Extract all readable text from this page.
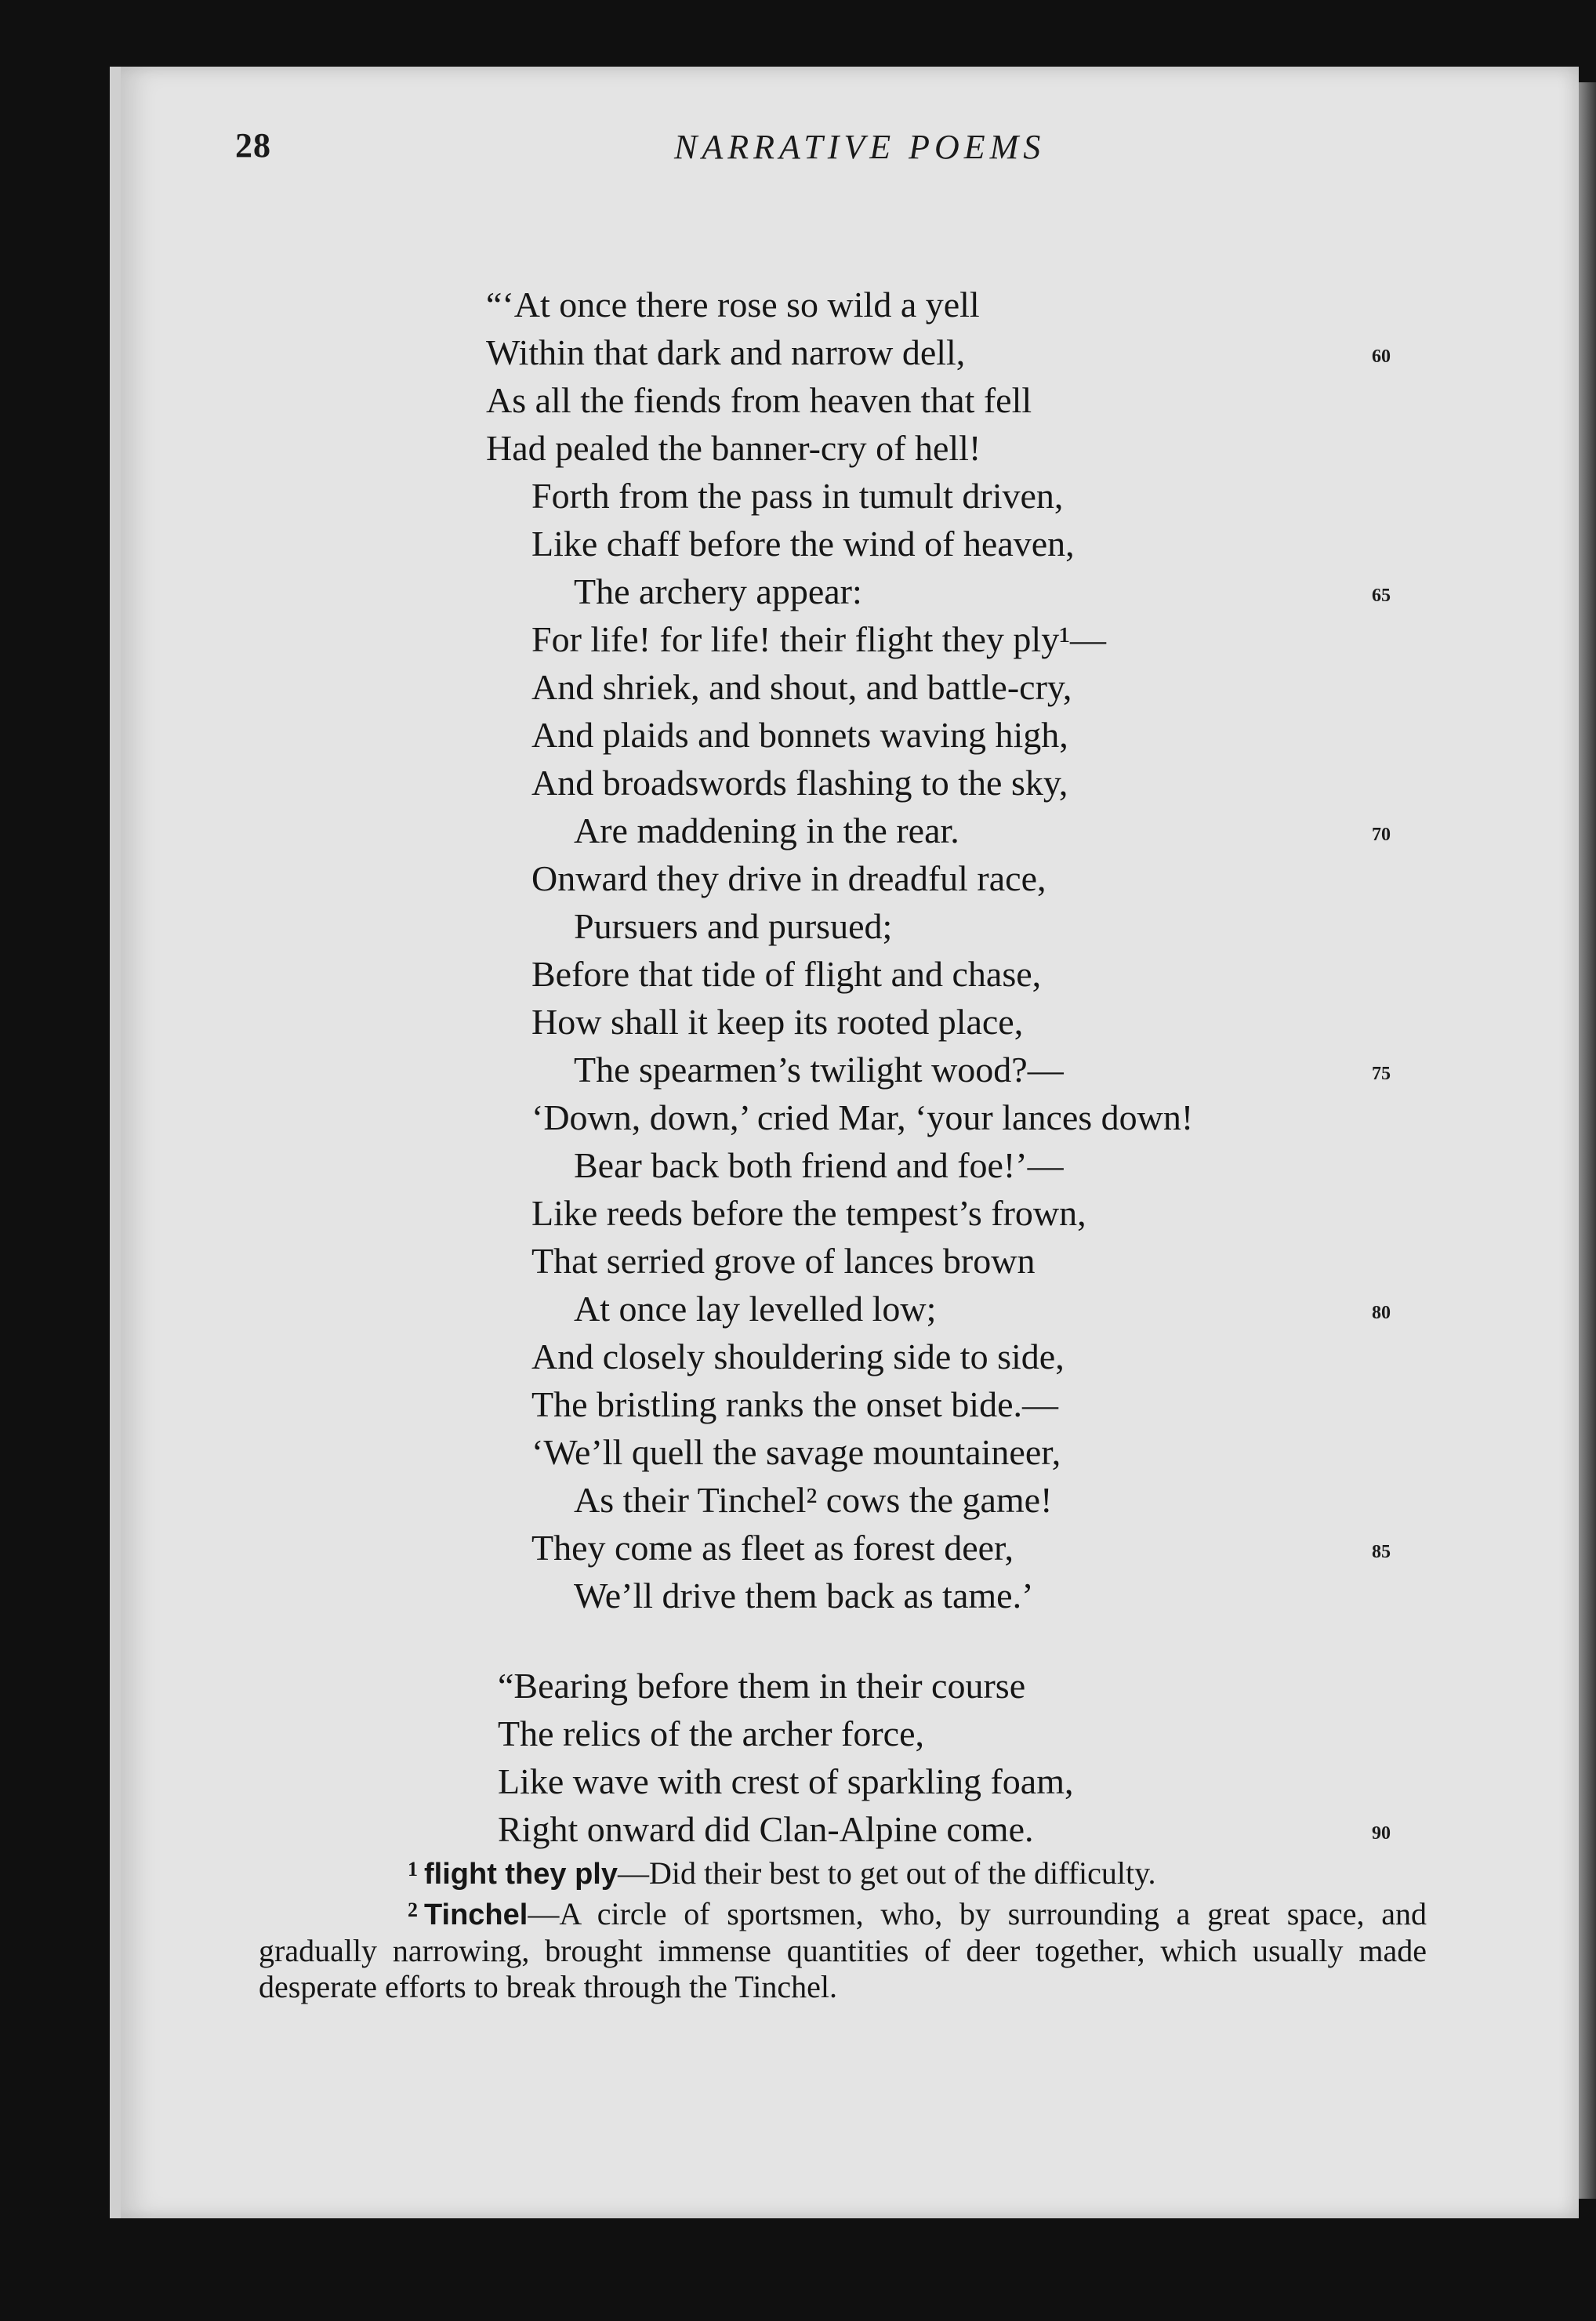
28	NARRATIVE POEMS
“‘At once there rose so wild a yell
Within that dark and narrow dell,	60
As all the fiends from heaven that fell
Had pealed the banner-cry of hell!
Forth from the pass in tumult driven,
Like chaff before the wind of heaven,
The archery appear:	65
For life! for life! their flight they ply¹—
And shriek, and shout, and battle-cry,
And plaids and bonnets waving high,
And broadswords flashing to the sky,
Are maddening in the rear.	70
Onward they drive in dreadful race,
Pursuers and pursued;
Before that tide of flight and chase,
How shall it keep its rooted place,
The spearmen’s twilight wood?—	75
‘Down, down,’ cried Mar, ‘your lances down!
Bear back both friend and foe!’—
Like reeds before the tempest’s frown,
That serried grove of lances brown
At once lay levelled low;	80
And closely shouldering side to side,
The bristling ranks the onset bide.—
‘We’ll quell the savage mountaineer,
As their Tinchel² cows the game!
They come as fleet as forest deer,	85
We’ll drive them back as tame.’
“Bearing before them in their course
The relics of the archer force,
Like wave with crest of sparkling foam,
Right onward did Clan-Alpine come.	90

$^1$ flight they ply—Did their best to get out of the difficulty.

$^2$ Tinchel—A circle of sportsmen, who, by surrounding a great space, and gradually narrowing, brought immense quantities of deer together, which usually made desperate efforts to break through the Tinchel.
